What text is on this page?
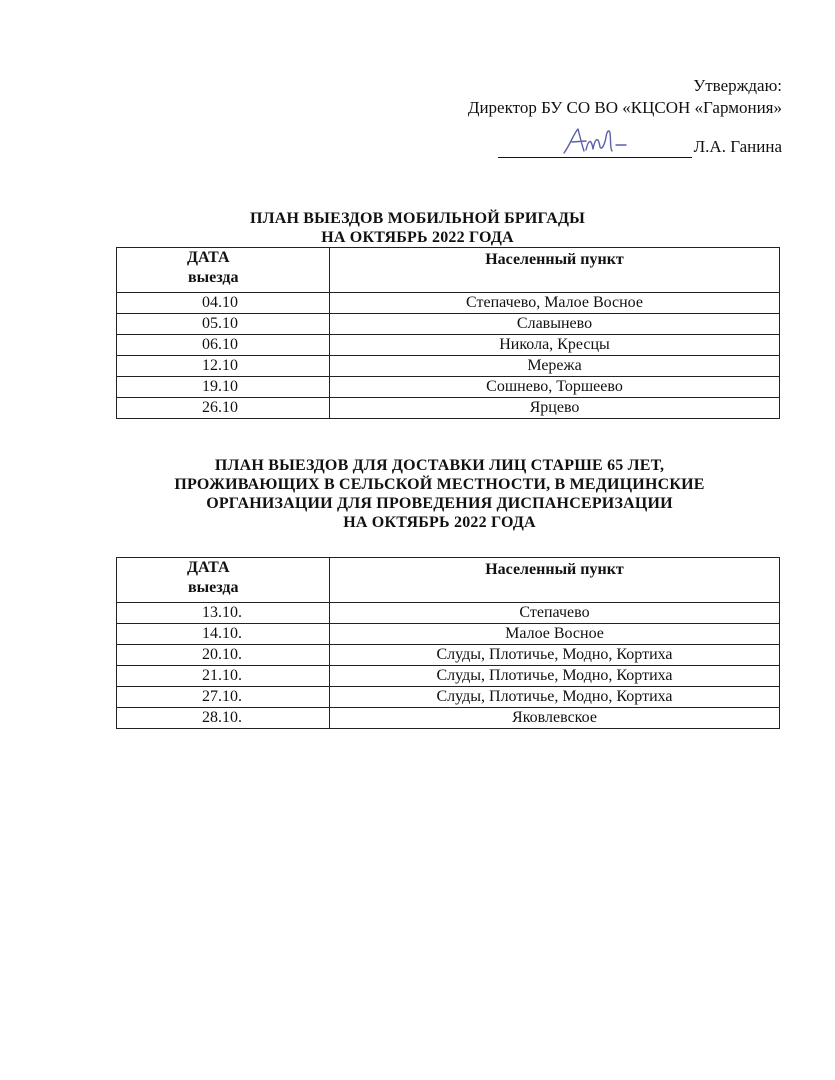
Утверждаю:
Директор БУ СО ВО «КЦСОН «Гармония»
Л.А. Ганина
ПЛАН ВЫЕЗДОВ МОБИЛЬНОЙ БРИГАДЫ
НА ОКТЯБРЬ 2022 ГОДА
ДАТА
выезда	Населенный пункт
04.10	Степачево, Малое Восное
05.10	Славынево
06.10	Никола, Кресцы
12.10	Мережа
19.10	Сошнево, Торшеево
26.10	Ярцево
ПЛАН ВЫЕЗДОВ ДЛЯ ДОСТАВКИ ЛИЦ СТАРШЕ 65 ЛЕТ,
ПРОЖИВАЮЩИХ В СЕЛЬСКОЙ МЕСТНОСТИ, В МЕДИЦИНСКИЕ
ОРГАНИЗАЦИИ ДЛЯ ПРОВЕДЕНИЯ ДИСПАНСЕРИЗАЦИИ
НА ОКТЯБРЬ 2022 ГОДА
ДАТА
выезда	Населенный пункт
13.10.	Степачево
14.10.	Малое Восное
20.10.	Слуды, Плотичье, Модно, Кортиха
21.10.	Слуды, Плотичье, Модно, Кортиха
27.10.	Слуды, Плотичье, Модно, Кортиха
28.10.	Яковлевское
